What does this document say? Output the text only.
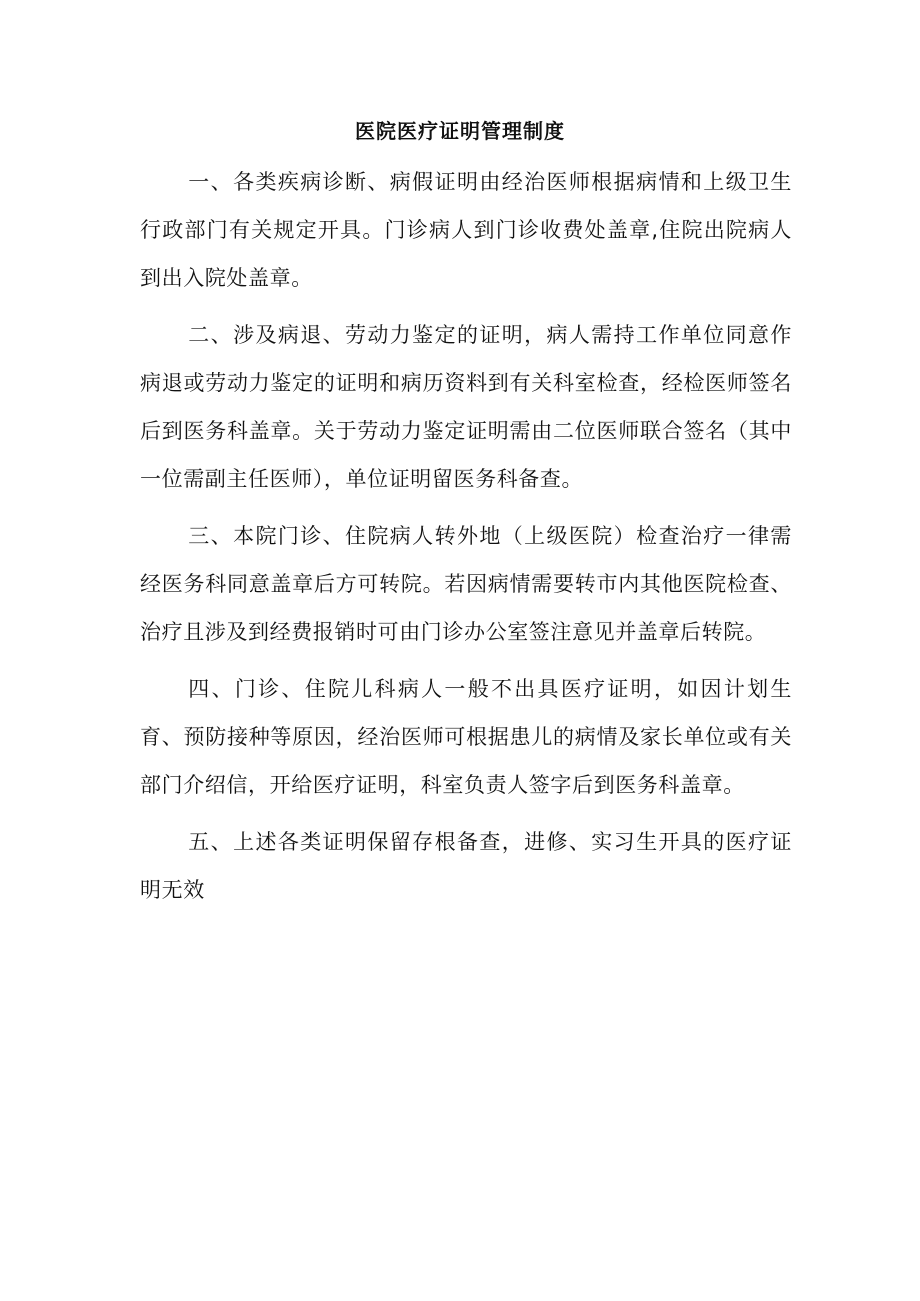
医院医疗证明管理制度

一、各类疾病诊断、病假证明由经治医师根据病情和上级卫生行政部门有关规定开具。门诊病人到门诊收费处盖章,住院出院病人到出入院处盖章。

二、涉及病退、劳动力鉴定的证明，病人需持工作单位同意作病退或劳动力鉴定的证明和病历资料到有关科室检查，经检医师签名后到医务科盖章。关于劳动力鉴定证明需由二位医师联合签名（其中一位需副主任医师），单位证明留医务科备查。

三、本院门诊、住院病人转外地（上级医院）检查治疗一律需经医务科同意盖章后方可转院。若因病情需要转市内其他医院检查、治疗且涉及到经费报销时可由门诊办公室签注意见并盖章后转院。

四、门诊、住院儿科病人一般不出具医疗证明，如因计划生育、预防接种等原因，经治医师可根据患儿的病情及家长单位或有关部门介绍信，开给医疗证明，科室负责人签字后到医务科盖章。

五、上述各类证明保留存根备查，进修、实习生开具的医疗证明无效
